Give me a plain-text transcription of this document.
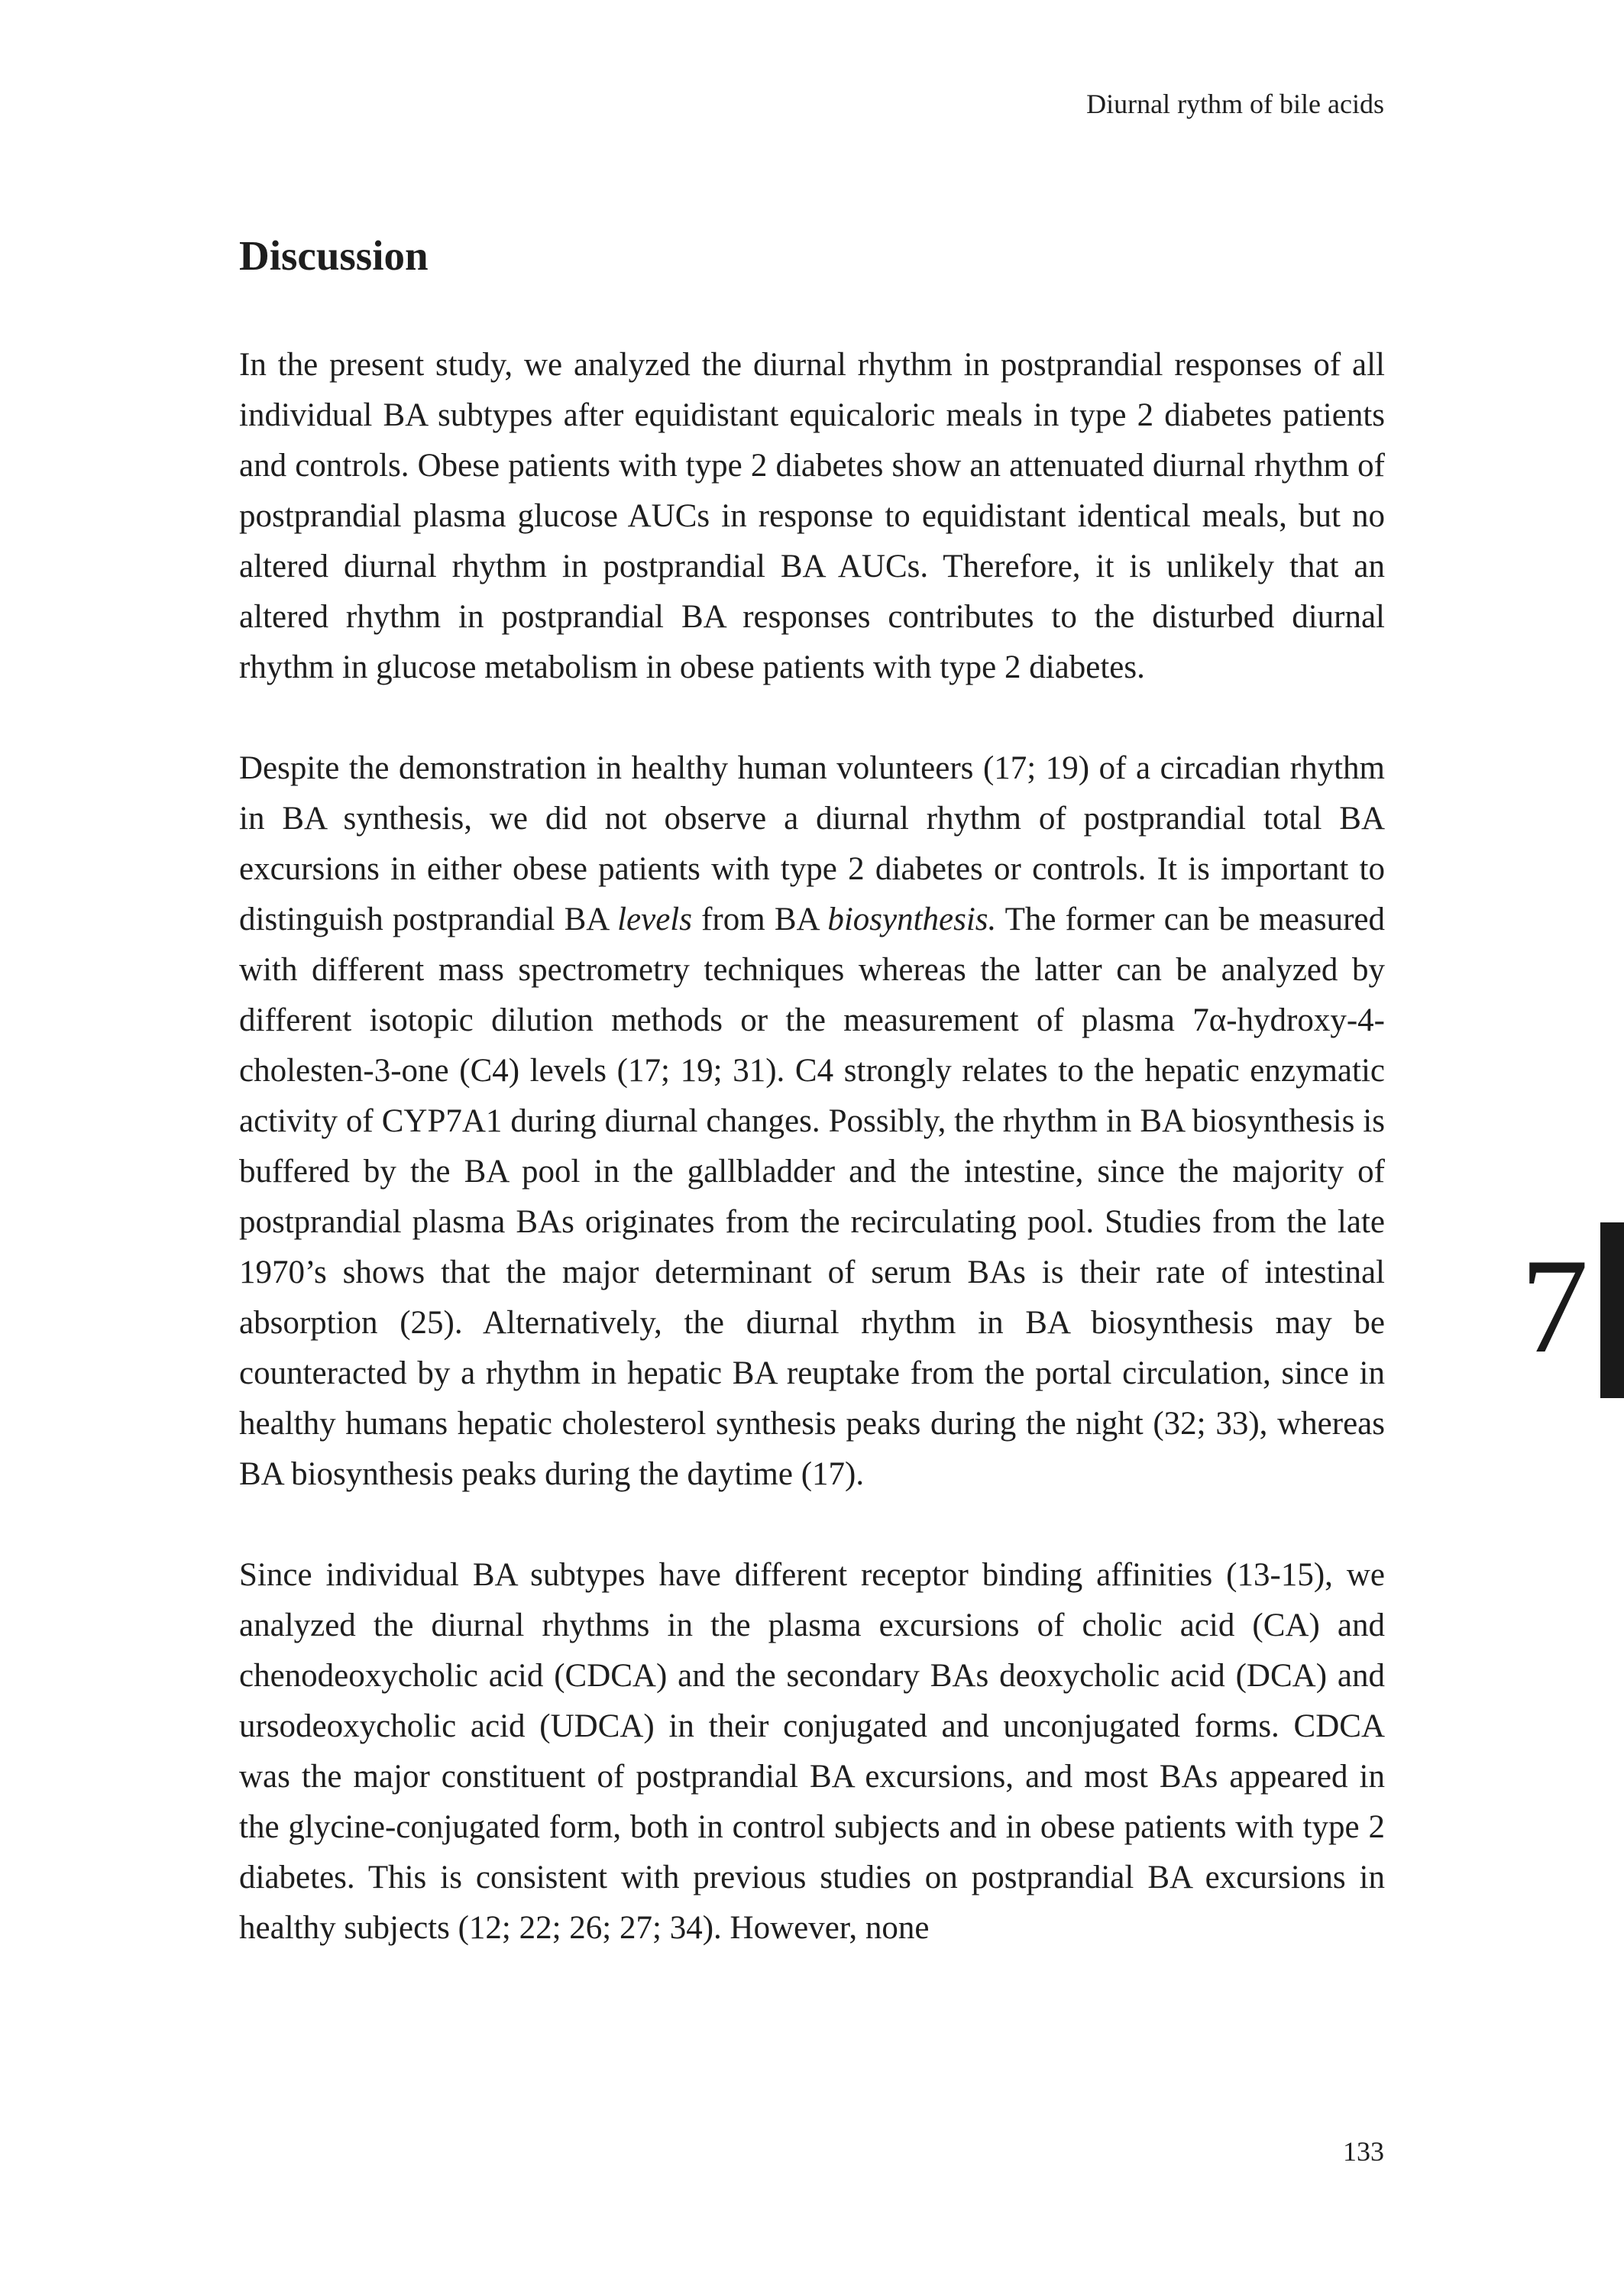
Diurnal rythm of bile acids
Discussion

In the present study, we analyzed the diurnal rhythm in postprandial responses of all individual BA subtypes after equidistant equicaloric meals in type 2 diabetes patients and controls. Obese patients with type 2 diabetes show an attenuated diurnal rhythm of postprandial plasma glucose AUCs in response to equidistant identical meals, but no altered diurnal rhythm in postprandial BA AUCs. Therefore, it is unlikely that an altered rhythm in postprandial BA responses contributes to the disturbed diurnal rhythm in glucose metabolism in obese patients with type 2 diabetes.

Despite the demonstration in healthy human volunteers (17; 19) of a circadian rhythm in BA synthesis, we did not observe a diurnal rhythm of postprandial total BA excursions in either obese patients with type 2 diabetes or controls. It is important to distinguish postprandial BA levels from BA biosynthesis. The former can be measured with different mass spectrometry techniques whereas the latter can be analyzed by different isotopic dilution methods or the measurement of plasma 7α-hydroxy-4-cholesten-3-one (C4) levels (17; 19; 31). C4 strongly relates to the hepatic enzymatic activity of CYP7A1 during diurnal changes. Possibly, the rhythm in BA biosynthesis is buffered by the BA pool in the gallbladder and the intestine, since the majority of postprandial plasma BAs originates from the recirculating pool. Studies from the late 1970’s shows that the major determinant of serum BAs is their rate of intestinal absorption (25). Alternatively, the diurnal rhythm in BA biosynthesis may be counteracted by a rhythm in hepatic BA reuptake from the portal circulation, since in healthy humans hepatic cholesterol synthesis peaks during the night (32; 33), whereas BA biosynthesis peaks during the daytime (17).

Since individual BA subtypes have different receptor binding affinities (13-15), we analyzed the diurnal rhythms in the plasma excursions of cholic acid (CA) and chenodeoxycholic acid (CDCA) and the secondary BAs deoxycholic acid (DCA) and ursodeoxycholic acid (UDCA) in their conjugated and unconjugated forms. CDCA was the major constituent of postprandial BA excursions, and most BAs appeared in the glycine-conjugated form, both in control subjects and in obese patients with type 2 diabetes. This is consistent with previous studies on postprandial BA excursions in healthy subjects (12; 22; 26; 27; 34). However, none

7
133
